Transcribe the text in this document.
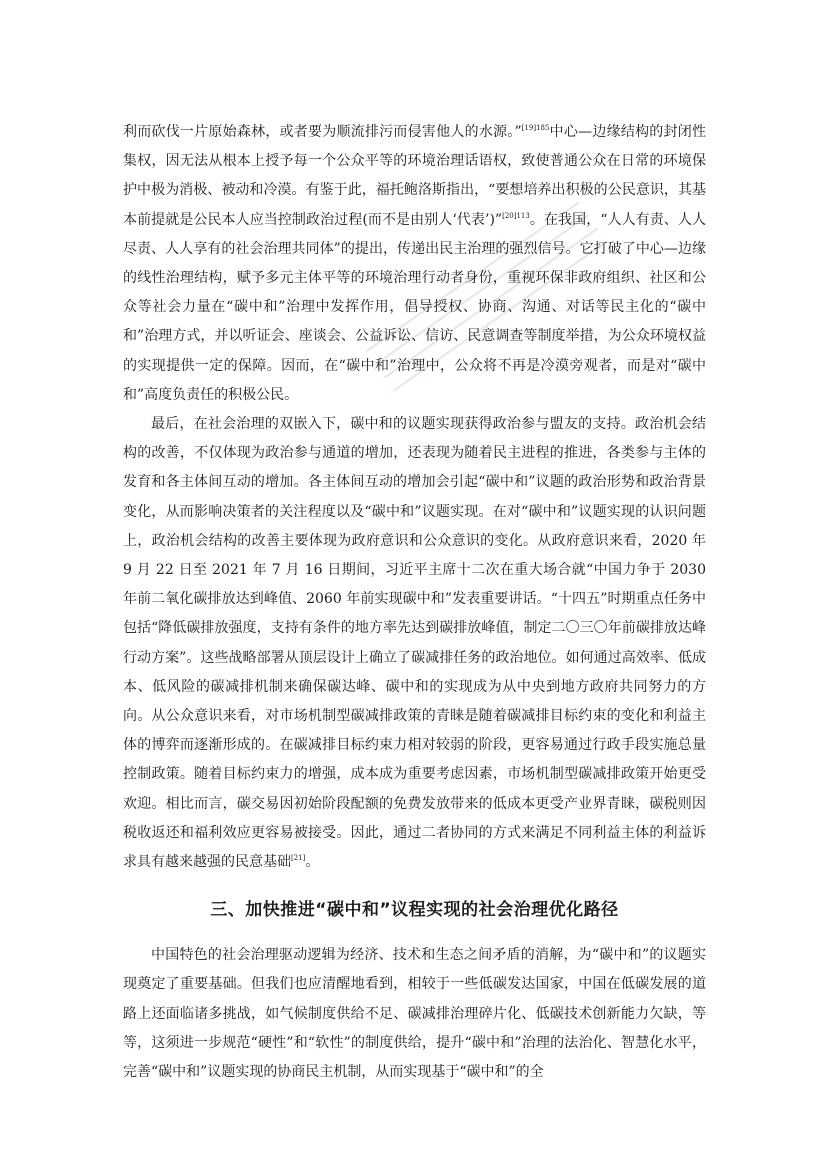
利而砍伐一片原始森林，或者要为顺流排污而侵害他人的水源。”$^{[19]185}$中心—边缘结构的封闭性集权，因无法从根本上授予每一个公众平等的环境治理话语权，致使普通公众在日常的环境保护中极为消极、被动和冷漠。有鉴于此，福托鲍洛斯指出，“要想培养出积极的公民意识，其基本前提就是公民本人应当控制政治过程(而不是由别人‘代表’)”$^{[20]113}$。在我国，“人人有责、人人尽责、人人享有的社会治理共同体”的提出，传递出民主治理的强烈信号。它打破了中心—边缘的线性治理结构，赋予多元主体平等的环境治理行动者身份，重视环保非政府组织、社区和公众等社会力量在“碳中和”治理中发挥作用，倡导授权、协商、沟通、对话等民主化的“碳中和”治理方式，并以听证会、座谈会、公益诉讼、信访、民意调查等制度举措，为公众环境权益的实现提供一定的保障。因而，在“碳中和”治理中，公众将不再是冷漠旁观者，而是对“碳中和”高度负责任的积极公民。

最后，在社会治理的双嵌入下，碳中和的议题实现获得政治参与盟友的支持。政治机会结构的改善，不仅体现为政治参与通道的增加，还表现为随着民主进程的推进，各类参与主体的发育和各主体间互动的增加。各主体间互动的增加会引起“碳中和”议题的政治形势和政治背景变化，从而影响决策者的关注程度以及“碳中和”议题实现。在对“碳中和”议题实现的认识问题上，政治机会结构的改善主要体现为政府意识和公众意识的变化。从政府意识来看，2020 年 9 月 22 日至 2021 年 7 月 16 日期间，习近平主席十二次在重大场合就“中国力争于 2030 年前二氧化碳排放达到峰值、2060 年前实现碳中和”发表重要讲话。“十四五”时期重点任务中包括“降低碳排放强度，支持有条件的地方率先达到碳排放峰值，制定二〇三〇年前碳排放达峰行动方案”。这些战略部署从顶层设计上确立了碳减排任务的政治地位。如何通过高效率、低成本、低风险的碳减排机制来确保碳达峰、碳中和的实现成为从中央到地方政府共同努力的方向。从公众意识来看，对市场机制型碳减排政策的青睐是随着碳减排目标约束的变化和利益主体的博弈而逐渐形成的。在碳减排目标约束力相对较弱的阶段，更容易通过行政手段实施总量控制政策。随着目标约束力的增强，成本成为重要考虑因素，市场机制型碳减排政策开始更受欢迎。相比而言，碳交易因初始阶段配额的免费发放带来的低成本更受产业界青睐，碳税则因税收返还和福利效应更容易被接受。因此，通过二者协同的方式来满足不同利益主体的利益诉求具有越来越强的民意基础[21]。

三、加快推进“碳中和”议程实现的社会治理优化路径

中国特色的社会治理驱动逻辑为经济、技术和生态之间矛盾的消解，为“碳中和”的议题实现奠定了重要基础。但我们也应清醒地看到，相较于一些低碳发达国家，中国在低碳发展的道路上还面临诸多挑战，如气候制度供给不足、碳减排治理碎片化、低碳技术创新能力欠缺，等等，这须进一步规范“硬性”和“软性”的制度供给，提升“碳中和”治理的法治化、智慧化水平，完善“碳中和”议题实现的协商民主机制，从而实现基于“碳中和”的全
